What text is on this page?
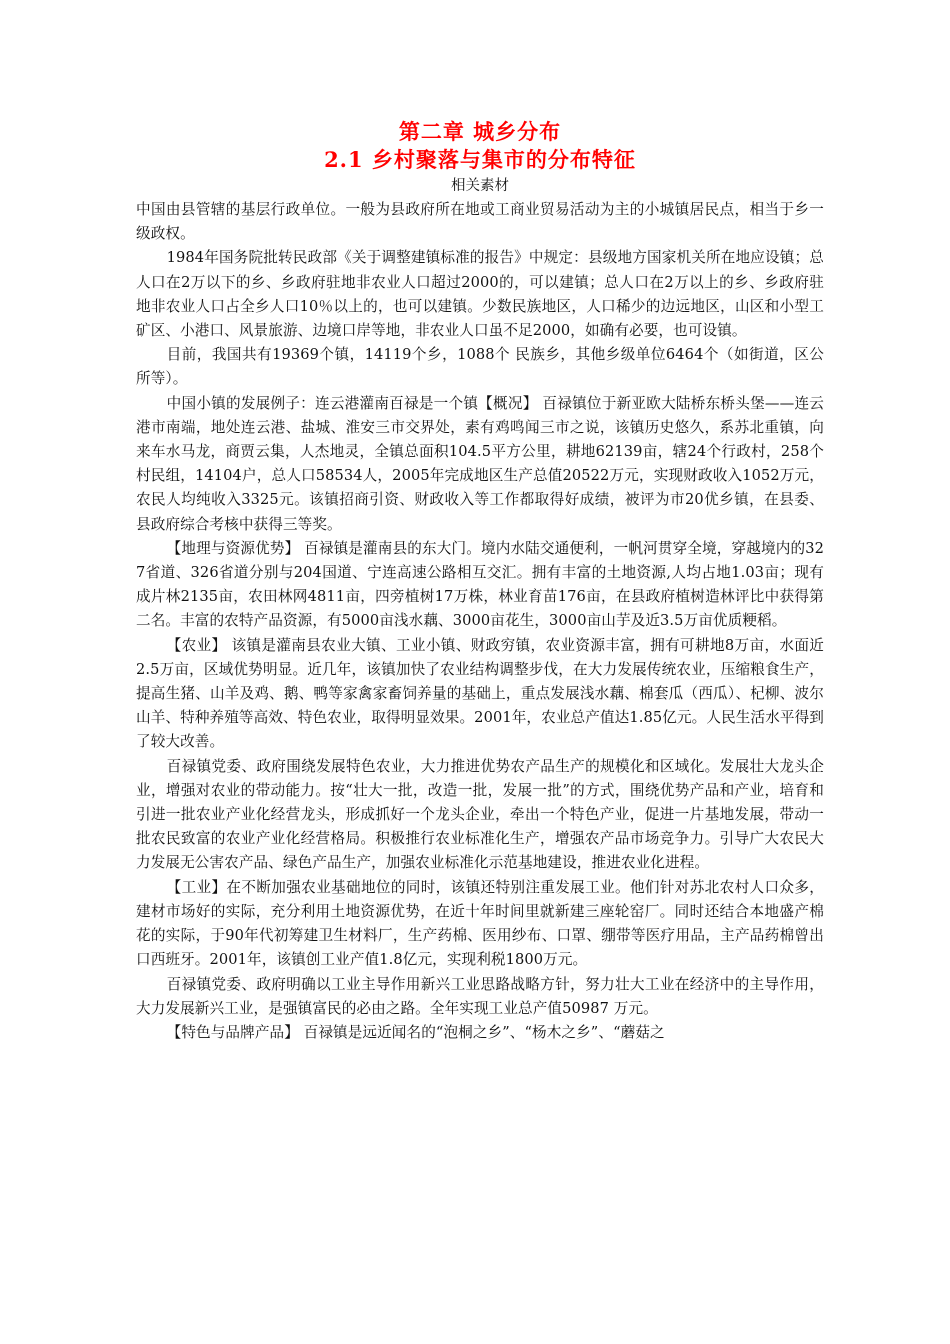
第二章 城乡分布
2.1 乡村聚落与集市的分布特征
相关素材

中国由县管辖的基层行政单位。一般为县政府所在地或工商业贸易活动为主的小城镇居民点，相当于乡一级政权。

1984年国务院批转民政部《关于调整建镇标准的报告》中规定：县级地方国家机关所在地应设镇；总人口在2万以下的乡、乡政府驻地非农业人口超过2000的，可以建镇；总人口在2万以上的乡、乡政府驻地非农业人口占全乡人口10％以上的，也可以建镇。少数民族地区，人口稀少的边远地区，山区和小型工矿区、小港口、风景旅游、边境口岸等地，非农业人口虽不足2000，如确有必要，也可设镇。

目前，我国共有19369个镇，14119个乡，1088个 民族乡，其他乡级单位6464个（如街道，区公所等）。

中国小镇的发展例子：连云港灌南百禄是一个镇【概况】 百禄镇位于新亚欧大陆桥东桥头堡——连云港市南端，地处连云港、盐城、淮安三市交界处，素有鸡鸣闻三市之说，该镇历史悠久，系苏北重镇，向来车水马龙，商贾云集，人杰地灵，全镇总面积104.5平方公里，耕地62139亩，辖24个行政村，258个村民组，14104户，总人口58534人，2005年完成地区生产总值20522万元，实现财政收入1052万元，农民人均纯收入3325元。该镇招商引资、财政收入等工作都取得好成绩，被评为市20优乡镇，在县委、县政府综合考核中获得三等奖。

【地理与资源优势】 百禄镇是灌南县的东大门。境内水陆交通便利，一帆河贯穿全境，穿越境内的327省道、326省道分别与204国道、宁连高速公路相互交汇。拥有丰富的土地资源,人均占地1.03亩；现有成片林2135亩，农田林网4811亩，四旁植树17万株，林业育苗176亩，在县政府植树造林评比中获得第二名。丰富的农特产品资源，有5000亩浅水藕、3000亩花生，3000亩山芋及近3.5万亩优质粳稻。

【农业】 该镇是灌南县农业大镇、工业小镇、财政穷镇，农业资源丰富，拥有可耕地8万亩，水面近2.5万亩，区域优势明显。近几年，该镇加快了农业结构调整步伐，在大力发展传统农业，压缩粮食生产，提高生猪、山羊及鸡、鹅、鸭等家禽家畜饲养量的基础上，重点发展浅水藕、棉套瓜（西瓜）、杞柳、波尔山羊、特种养殖等高效、特色农业，取得明显效果。2001年，农业总产值达1.85亿元。人民生活水平得到了较大改善。

百禄镇党委、政府围绕发展特色农业，大力推进优势农产品生产的规模化和区域化。发展壮大龙头企业，增强对农业的带动能力。按“壮大一批，改造一批，发展一批”的方式，围绕优势产品和产业，培育和引进一批农业产业化经营龙头，形成抓好一个龙头企业，牵出一个特色产业，促进一片基地发展，带动一批农民致富的农业产业化经营格局。积极推行农业标准化生产，增强农产品市场竞争力。引导广大农民大力发展无公害农产品、绿色产品生产，加强农业标准化示范基地建设，推进农业化进程。

【工业】在不断加强农业基础地位的同时，该镇还特别注重发展工业。他们针对苏北农村人口众多，建材市场好的实际，充分利用土地资源优势，在近十年时间里就新建三座轮窑厂。同时还结合本地盛产棉花的实际，于90年代初筹建卫生材料厂，生产药棉、医用纱布、口罩、绷带等医疗用品，主产品药棉曾出口西班牙。2001年，该镇创工业产值1.8亿元，实现利税1800万元。

百禄镇党委、政府明确以工业主导作用新兴工业思路战略方针，努力壮大工业在经济中的主导作用，大力发展新兴工业，是强镇富民的必由之路。全年实现工业总产值50987 万元。

【特色与品牌产品】 百禄镇是远近闻名的“泡桐之乡”、“杨木之乡”、“蘑菇之
